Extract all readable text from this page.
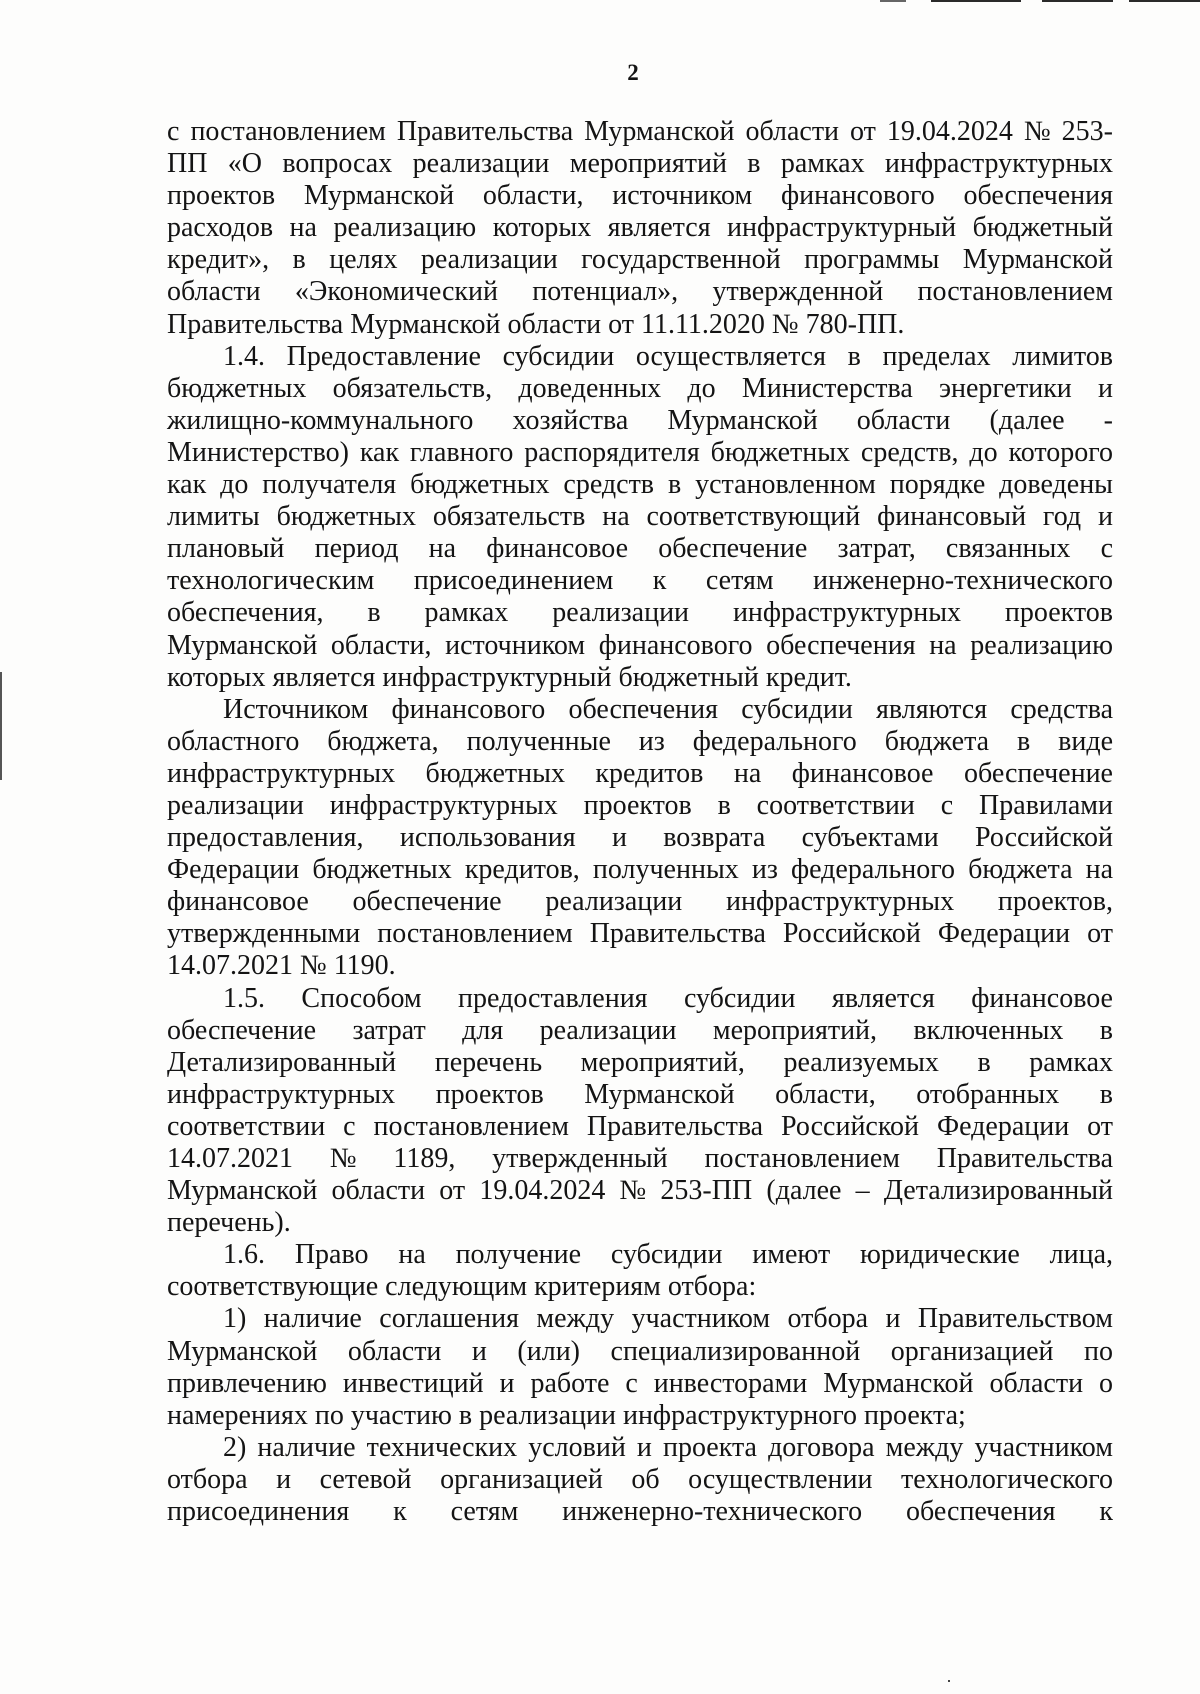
2
с постановлением Правительства Мурманской области от 19.04.2024 № 253-
ПП «О вопросах реализации мероприятий в рамках инфраструктурных
проектов Мурманской области, источником финансового обеспечения
расходов на реализацию которых является инфраструктурный бюджетный
кредит», в целях реализации государственной программы Мурманской
области «Экономический потенциал», утвержденной постановлением
Правительства Мурманской области от 11.11.2020 № 780-ПП.
1.4. Предоставление субсидии осуществляется в пределах лимитов
бюджетных обязательств, доведенных до Министерства энергетики и
жилищно-коммунального хозяйства Мурманской области (далее -
Министерство) как главного распорядителя бюджетных средств, до которого
как до получателя бюджетных средств в установленном порядке доведены
лимиты бюджетных обязательств на соответствующий финансовый год и
плановый период на финансовое обеспечение затрат, связанных с
технологическим присоединением к сетям инженерно-технического
обеспечения, в рамках реализации инфраструктурных проектов
Мурманской области, источником финансового обеспечения на реализацию
которых является инфраструктурный бюджетный кредит.
Источником финансового обеспечения субсидии являются средства
областного бюджета, полученные из федерального бюджета в виде
инфраструктурных бюджетных кредитов на финансовое обеспечение
реализации инфраструктурных проектов в соответствии с Правилами
предоставления, использования и возврата субъектами Российской
Федерации бюджетных кредитов, полученных из федерального бюджета на
финансовое обеспечение реализации инфраструктурных проектов,
утвержденными постановлением Правительства Российской Федерации от
14.07.2021 № 1190.
1.5. Способом предоставления субсидии является финансовое
обеспечение затрат для реализации мероприятий, включенных в
Детализированный перечень мероприятий, реализуемых в рамках
инфраструктурных проектов Мурманской области, отобранных в
соответствии с постановлением Правительства Российской Федерации от
14.07.2021 № 1189, утвержденный постановлением Правительства
Мурманской области от 19.04.2024 № 253-ПП (далее – Детализированный
перечень).
1.6. Право на получение субсидии имеют юридические лица,
соответствующие следующим критериям отбора:
1) наличие соглашения между участником отбора и Правительством
Мурманской области и (или) специализированной организацией по
привлечению инвестиций и работе с инвесторами Мурманской области о
намерениях по участию в реализации инфраструктурного проекта;
2) наличие технических условий и проекта договора между участником
отбора и сетевой организацией об осуществлении технологического
присоединения к сетям инженерно-технического обеспечения к
